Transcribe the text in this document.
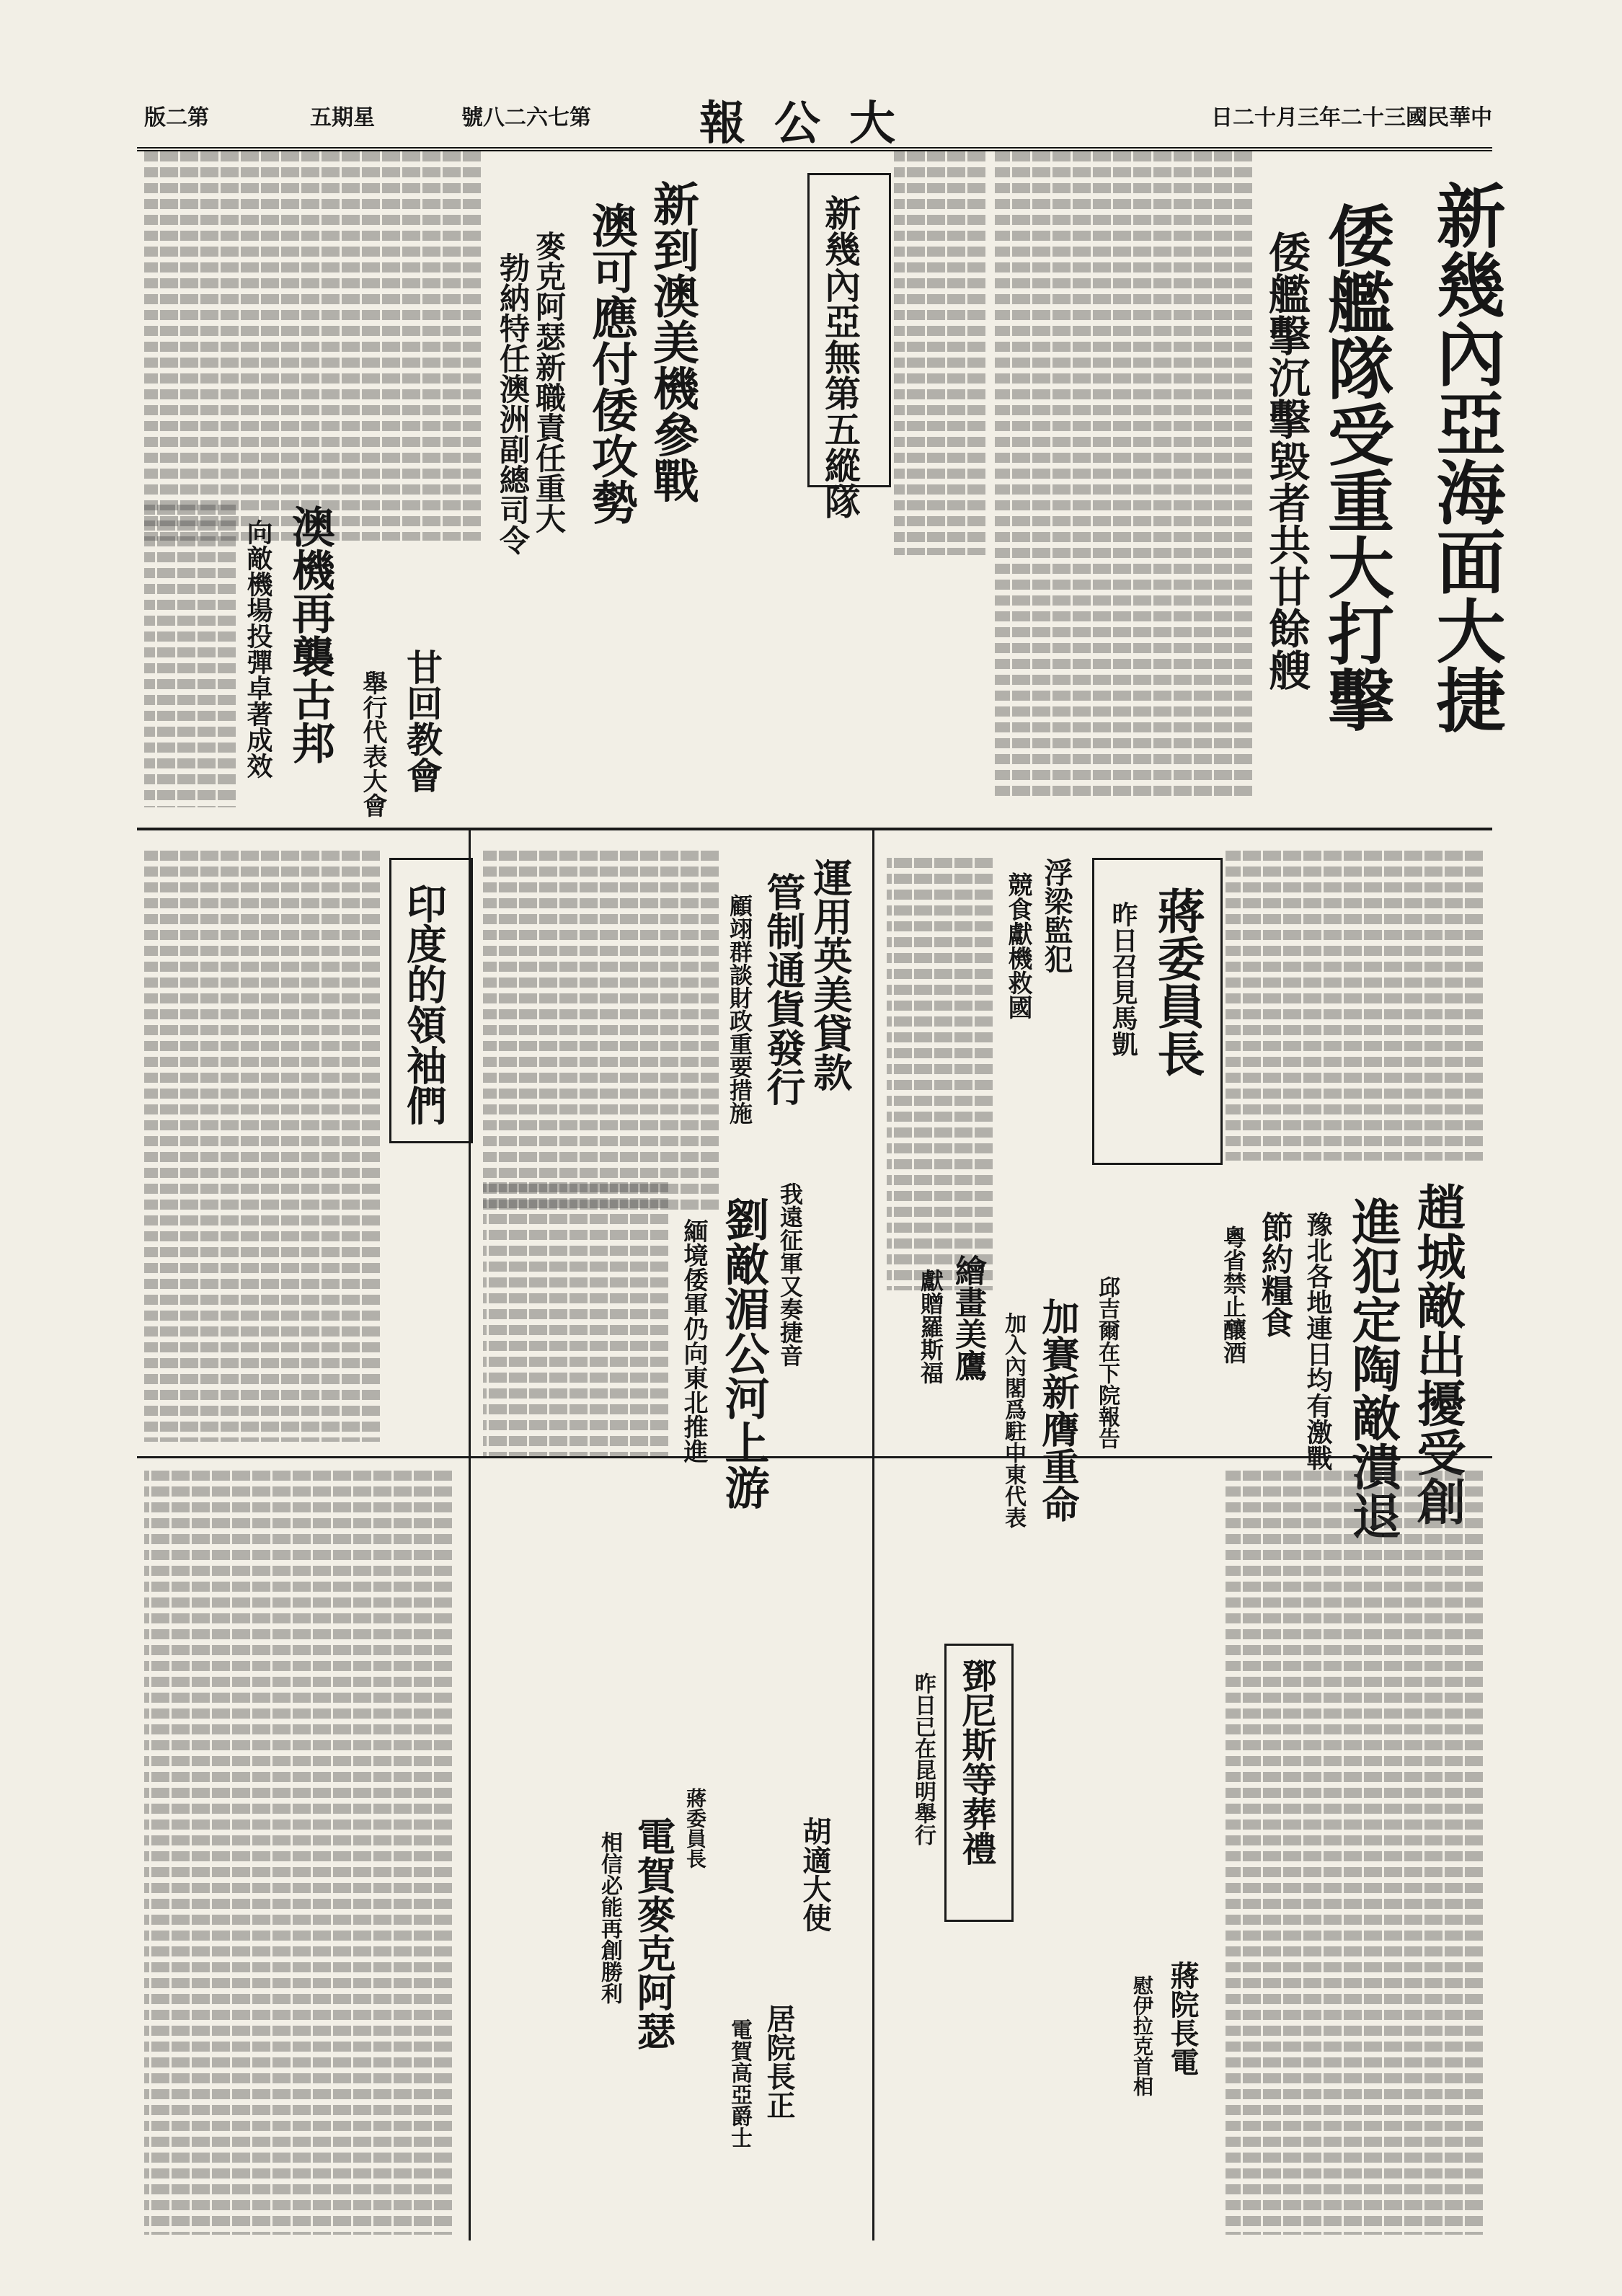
中華民國三十二年三月十二日
大公報
第七六二八號
星期五
第二版
新幾內亞海面大捷
倭艦隊受重大打擊
倭艦擊沉擊毀者共廿餘艘
新幾內亞無第五縱隊
新到澳美機參戰
澳可應付倭攻勢
麥克阿瑟新職責任重大
勃納特任澳洲副總司令
澳機再襲古邦
向敵機場投彈卓著成效	甘回教會
舉行代表大會
蔣委員長
昨日召見馬凱
浮梁監犯
競食獻機救國
運用英美貸款
管制通貨發行
顧翊群談財政重要措施
印度的領袖們
繪畫美鷹
獻贈羅斯福	趙城敵出擾受創
進犯定陶敵潰退
豫北各地連日均有激戰
節約糧食
粵省禁止釀酒
我遠征軍又奏捷音
劉敵湄公河上游
緬境倭軍仍向東北推進	邱吉爾在下院報告
加賽新膺重命
加入內閣爲駐中東代表
鄧尼斯等葬禮
昨日已在昆明舉行
胡適大使
蔣委員長
電賀麥克阿瑟
相信必能再創勝利
居院長正
電賀高亞爵士	蔣院長電
慰伊拉克首相
